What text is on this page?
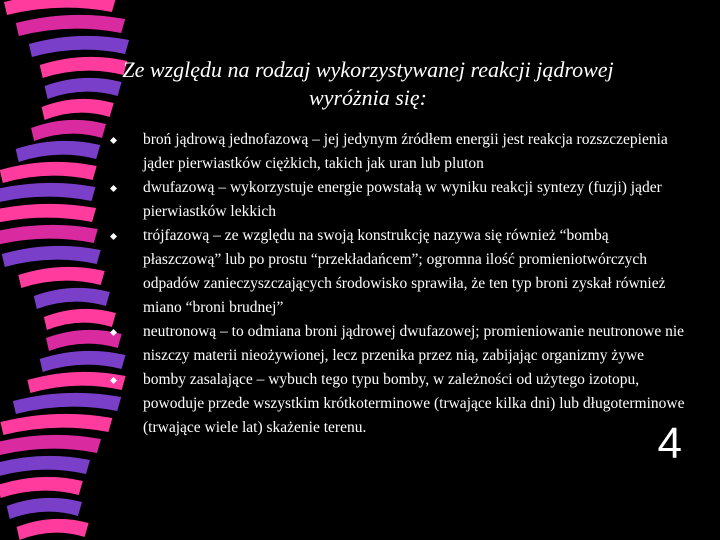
Ze względu na rodzaj wykorzystywanej reakcji jądrowej
wyróżnia się:
broń jądrową jednofazową – jej jedynym źródłem energii jest reakcja rozszczepienia jąder pierwiastków ciężkich, takich jak uran lub pluton
dwufazową – wykorzystuje energie powstałą w wyniku reakcji syntezy (fuzji) jąder pierwiastków lekkich
trójfazową – ze względu na swoją konstrukcję nazywa się również “bombą płaszczową” lub po prostu “przekładańcem”; ogromna ilość promieniotwórczych odpadów zanieczyszczających środowisko sprawiła, że ten typ broni zyskał również miano “broni brudnej”
neutronową – to odmiana broni jądrowej dwufazowej; promieniowanie neutronowe nie niszczy materii nieożywionej, lecz przenika przez nią, zabijając organizmy żywe
bomby zasalające – wybuch tego typu bomby, w zależności od użytego izotopu, powoduje przede wszystkim krótkoterminowe (trwające kilka dni) lub długoterminowe (trwające wiele lat) skażenie terenu.	4
